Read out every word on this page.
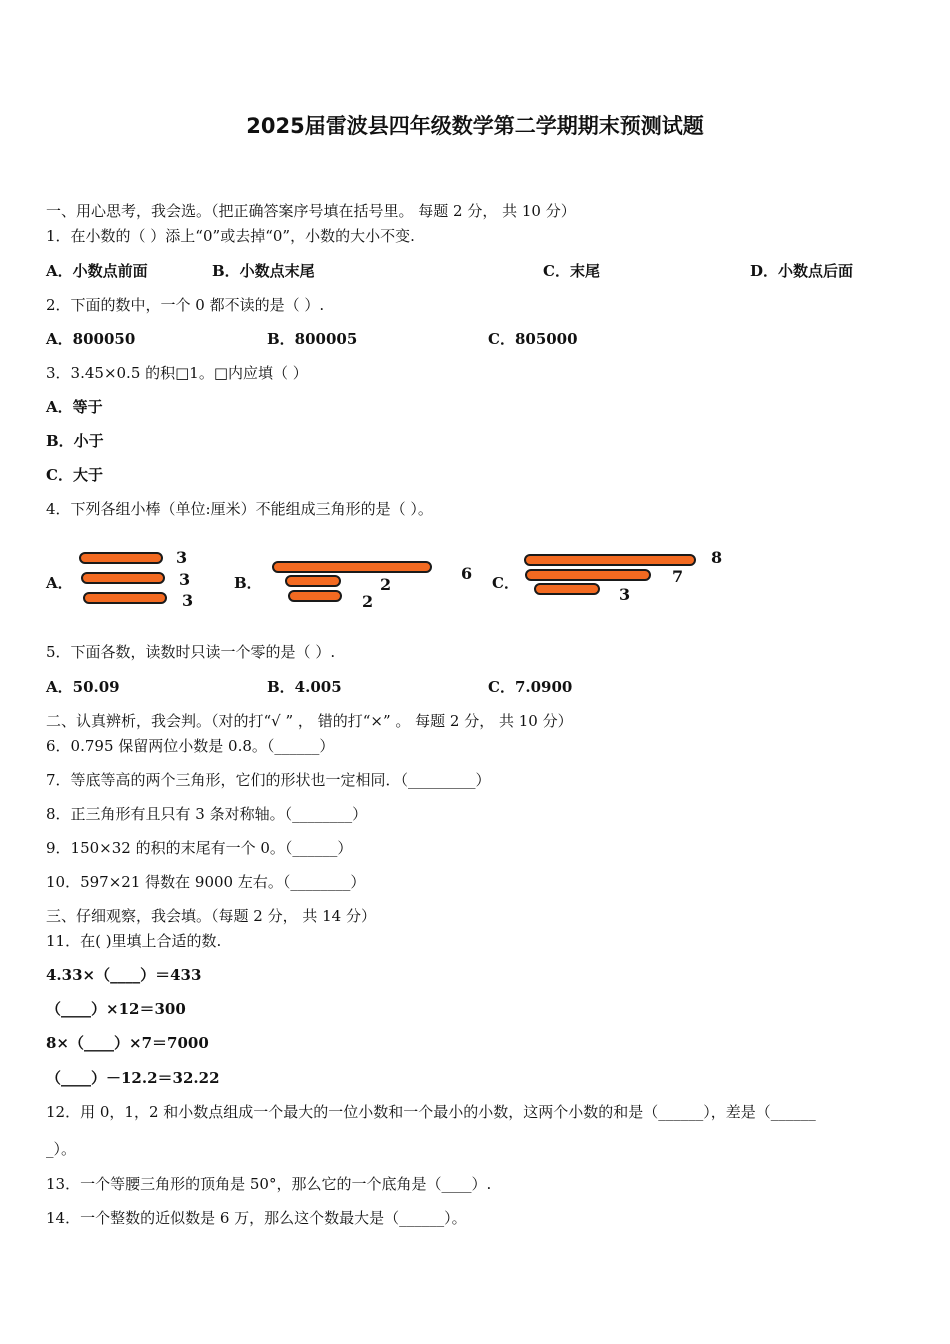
2025届雷波县四年级数学第二学期期末预测试题
一、用心思考，我会选。（把正确答案序号填在括号里。 每题 2 分， 共 10 分）
1．在小数的（ ）添上“0”或去掉“0”，小数的大小不变.
A．小数点前面	B．小数点末尾	C．末尾	D．小数点后面
2．下面的数中，一个 0 都不读的是（ ）.
A．800050	B．800005	C．805000
3．3.45×0.5 的积□1。□内应填（ ）
A．等于
B．小于
C．大于
4．下列各组小棒（单位:厘米）不能组成三角形的是（ ）。
A．
3
3
3
B．	6
2
2
C．
8
7
3
5．下面各数，读数时只读一个零的是（ ）.
A．50.09	B．4.005	C．7.0900
二、认真辨析，我会判。（对的打“√ ” ， 错的打“×” 。 每题 2 分， 共 10 分）
6．0.795 保留两位小数是 0.8。（______）
7．等底等高的两个三角形，它们的形状也一定相同．（_________）
8．正三角形有且只有 3 条对称轴。（________）
9．150×32 的积的末尾有一个 0。（______）
10．597×21 得数在 9000 左右。（________）
三、仔细观察，我会填。（每题 2 分， 共 14 分）
11．在( )里填上合适的数.
4.33×（____）＝433
（____）×12＝300
8×（____）×7＝7000
（____）－12.2＝32.22
12．用 0，1，2 和小数点组成一个最大的一位小数和一个最小的小数，这两个小数的和是（______），差是（______
_）。
13．一个等腰三角形的顶角是 50°，那么它的一个底角是（____）.
14．一个整数的近似数是 6 万，那么这个数最大是（______）。
